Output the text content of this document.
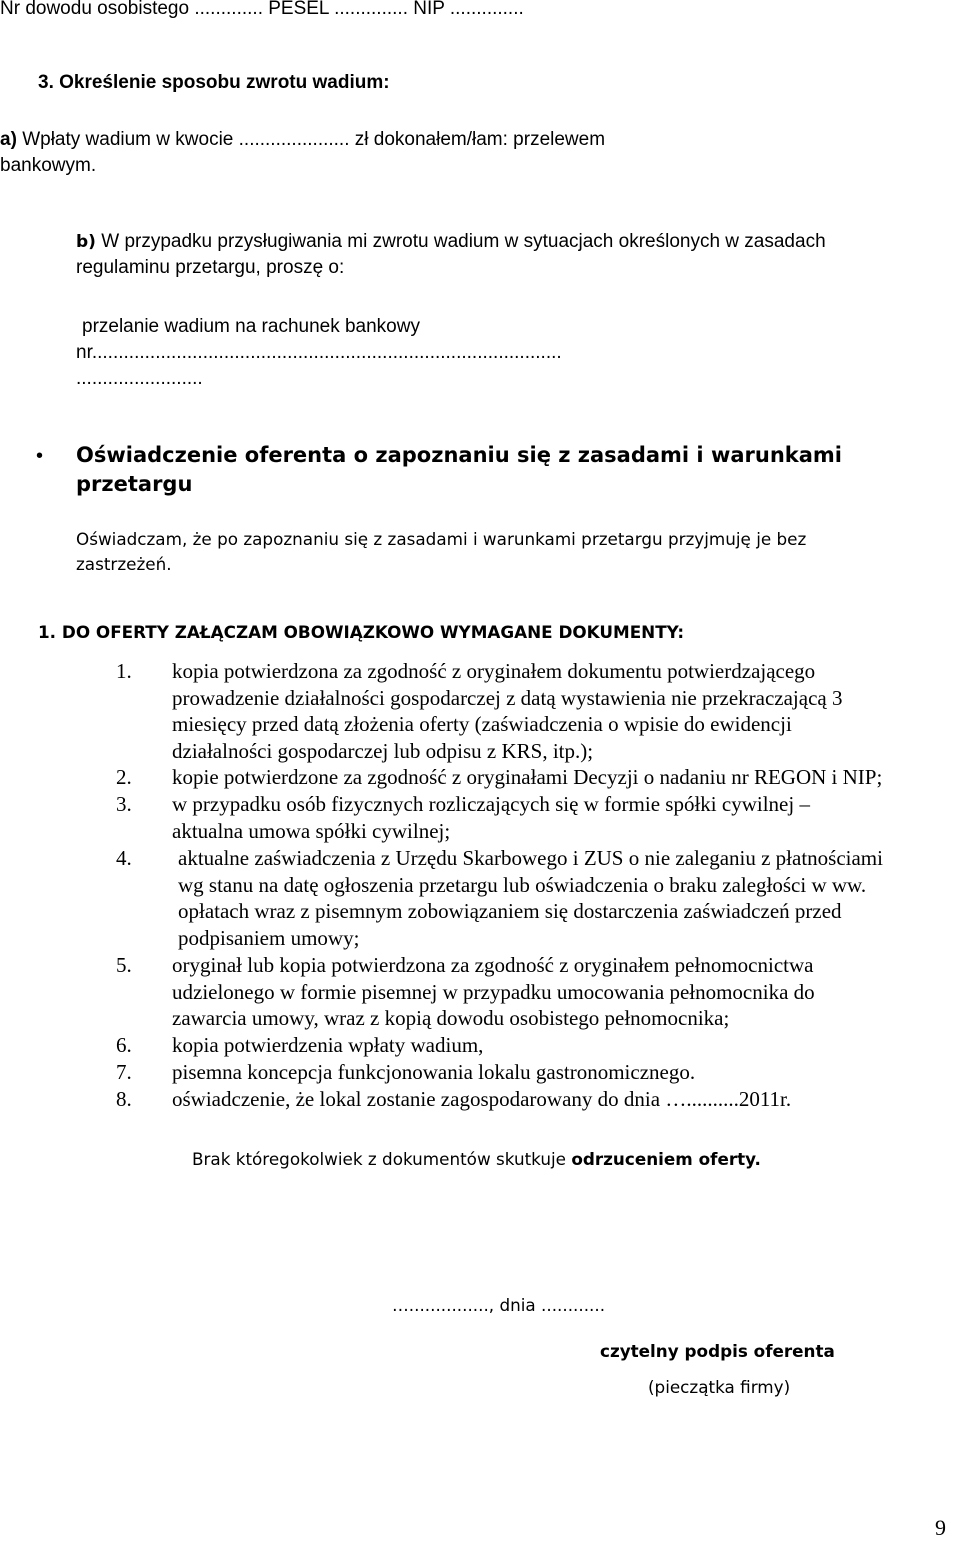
Nr dowodu osobistego ............. PESEL .............. NIP ..............
3. Określenie sposobu zwrotu wadium:
a) Wpłaty wadium w kwocie ..................... zł dokonałem/łam: przelewem
bankowym.
b) W przypadku przysługiwania mi zwrotu wadium w sytuacjach określonych w zasadach
regulaminu przetargu, proszę o:
przelanie wadium na rachunek bankowy
nr.........................................................................................
........................
• Oświadczenie oferenta o zapoznaniu się z zasadami i warunkami
przetargu
Oświadczam, że po zapoznaniu się z zasadami i warunkami przetargu przyjmuję je bez
zastrzeżeń.
1. DO OFERTY ZAŁĄCZAM OBOWIĄZKOWO WYMAGANE DOKUMENTY:
1. kopia potwierdzona za zgodność z oryginałem dokumentu potwierdzającego
prowadzenie działalności gospodarczej z datą wystawienia nie przekraczającą 3
miesięcy przed datą złożenia oferty (zaświadczenia o wpisie do ewidencji
działalności gospodarczej lub odpisu z KRS, itp.);
2. kopie potwierdzone za zgodność z oryginałami Decyzji o nadaniu nr REGON i NIP;
3. w przypadku osób fizycznych rozliczających się w formie spółki cywilnej –
aktualna umowa spółki cywilnej;
4. aktualne zaświadczenia z Urzędu Skarbowego i ZUS o nie zaleganiu z płatnościami
wg stanu na datę ogłoszenia przetargu lub oświadczenia o braku zaległości w ww.
opłatach wraz z pisemnym zobowiązaniem się dostarczenia zaświadczeń przed
podpisaniem umowy;
5. oryginał lub kopia potwierdzona za zgodność z oryginałem pełnomocnictwa
udzielonego w formie pisemnej w przypadku umocowania pełnomocnika do
zawarcia umowy, wraz z kopią dowodu osobistego pełnomocnika;
6. kopia potwierdzenia wpłaty wadium,
7. pisemna koncepcja funkcjonowania lokalu gastronomicznego.
8. oświadczenie, że lokal zostanie zagospodarowany do dnia …..........2011r.
Brak któregokolwiek z dokumentów skutkuje odrzuceniem oferty.
…..............., dnia ............
czytelny podpis oferenta
(pieczątka firmy)
9
